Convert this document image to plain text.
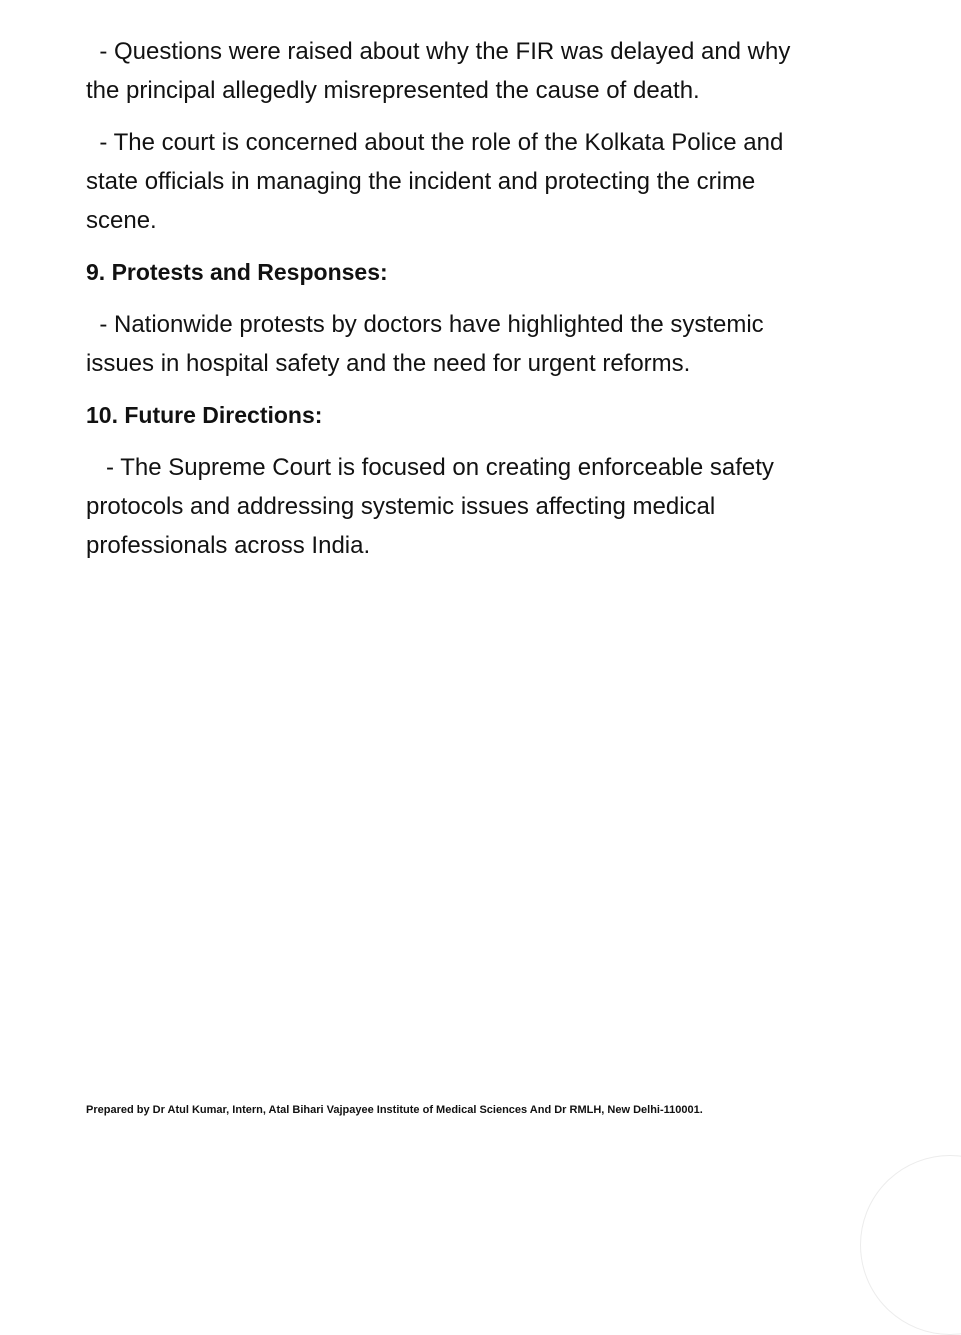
- Questions were raised about why the FIR was delayed and why
the principal allegedly misrepresented the cause of death.
- The court is concerned about the role of the Kolkata Police and
state officials in managing the incident and protecting the crime
scene.
9. Protests and Responses:
- Nationwide protests by doctors have highlighted the systemic
issues in hospital safety and the need for urgent reforms.
10. Future Directions:
- The Supreme Court is focused on creating enforceable safety
protocols and addressing systemic issues affecting medical
professionals across India.
Prepared by Dr Atul Kumar, Intern, Atal Bihari Vajpayee Institute of Medical Sciences And Dr RMLH, New Delhi-110001.
